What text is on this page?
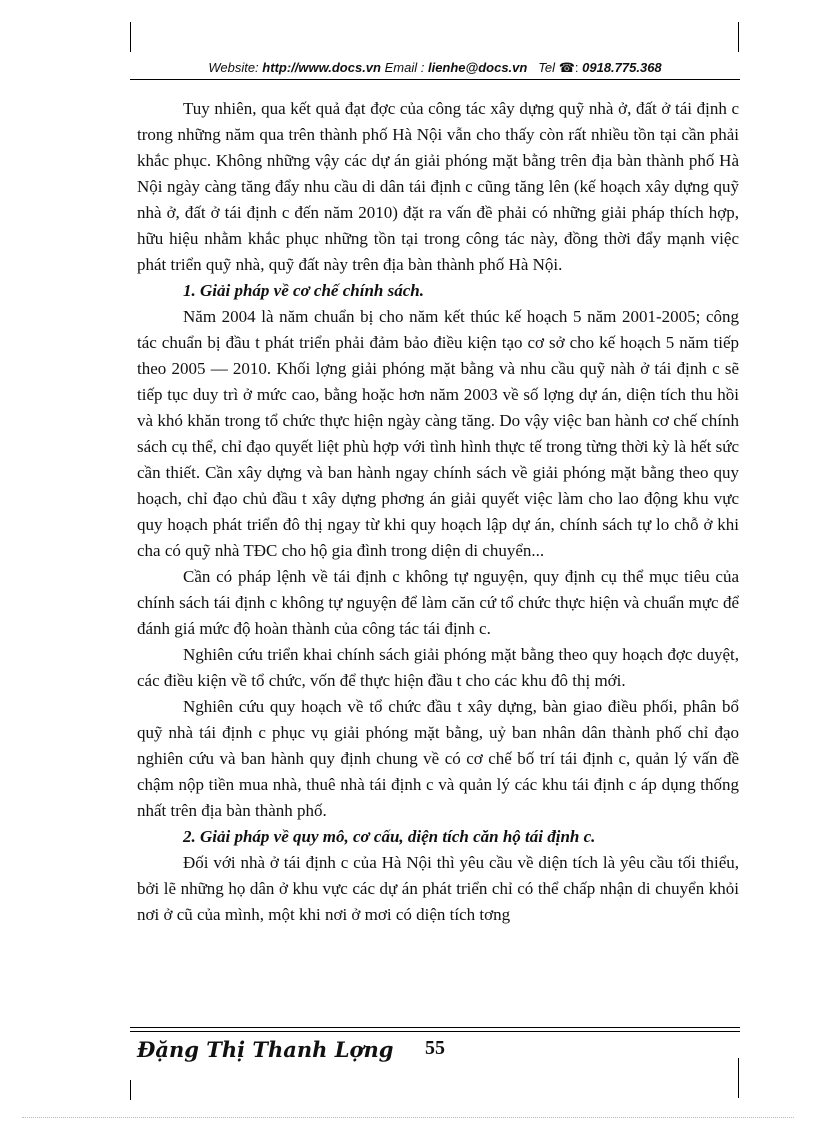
Website: http://www.docs.vn Email : lienhe@docs.vn Tel ☎: 0918.775.368

Tuy nhiên, qua kết quả đạt đợc của công tác xây dựng quỹ nhà ở, đất ở tái định c trong những năm qua trên thành phố Hà Nội vẫn cho thấy còn rất nhiều tồn tại cần phải khắc phục. Không những vậy các dự án giải phóng mặt bằng trên địa bàn thành phố Hà Nội ngày càng tăng đẩy nhu cầu di dân tái định c cũng tăng lên (kế hoạch xây dựng quỹ nhà ở, đất ở tái định c đến năm 2010) đặt ra vấn đề phải có những giải pháp thích hợp, hữu hiệu nhằm khắc phục những tồn tại trong công tác này, đồng thời đẩy mạnh việc phát triển quỹ nhà, quỹ đất này trên địa bàn thành phố Hà Nội.

1. Giải pháp về cơ chế chính sách.

Năm 2004 là năm chuẩn bị cho năm kết thúc kế hoạch 5 năm 2001-2005; công tác chuẩn bị đầu t phát triển phải đảm bảo điều kiện tạo cơ sở cho kế hoạch 5 năm tiếp theo 2005 — 2010. Khối lợng giải phóng mặt bằng và nhu cầu quỹ nàh ở tái định c sẽ tiếp tục duy trì ở mức cao, bằng hoặc hơn năm 2003 về số lợng dự án, diện tích thu hồi và khó khăn trong tổ chức thực hiện ngày càng tăng. Do vậy việc ban hành cơ chế chính sách cụ thể, chỉ đạo quyết liệt phù hợp với tình hình thực tế trong từng thời kỳ là hết sức cần thiết. Cần xây dựng và ban hành ngay chính sách về giải phóng mặt bằng theo quy hoạch, chỉ đạo chủ đầu t xây dựng phơng án giải quyết việc làm cho lao động khu vực quy hoạch phát triển đô thị ngay từ khi quy hoạch lập dự án, chính sách tự lo chỗ ở khi cha có quỹ nhà TĐC cho hộ gia đình trong diện di chuyển...

Cần có pháp lệnh về tái định c không tự nguyện, quy định cụ thể mục tiêu của chính sách tái định c không tự nguyện để làm căn cứ tổ chức thực hiện và chuẩn mực để đánh giá mức độ hoàn thành của công tác tái định c.

Nghiên cứu triển khai chính sách giải phóng mặt bằng theo quy hoạch đợc duyệt, các điều kiện về tổ chức, vốn để thực hiện đầu t cho các khu đô thị mới.

Nghiên cứu quy hoạch về tổ chức đầu t xây dựng, bàn giao điều phối, phân bổ quỹ nhà tái định c phục vụ giải phóng mặt bằng, uỷ ban nhân dân thành phố chỉ đạo nghiên cứu và ban hành quy định chung về có cơ chế bố trí tái định c, quản lý vấn đề chậm nộp tiền mua nhà, thuê nhà tái định c và quản lý các khu tái định c áp dụng thống nhất trên địa bàn thành phố.

2. Giải pháp về quy mô, cơ cấu, diện tích căn hộ tái định c.

Đối với nhà ở tái định c của Hà Nội thì yêu cầu về diện tích là yêu cầu tối thiểu, bởi lẽ những họ dân ở khu vực các dự án phát triển chỉ có thể chấp nhận di chuyển khỏi nơi ở cũ của mình, một khi nơi ở mơi có diện tích tơng

Đặng Thị Thanh Lợng 55
